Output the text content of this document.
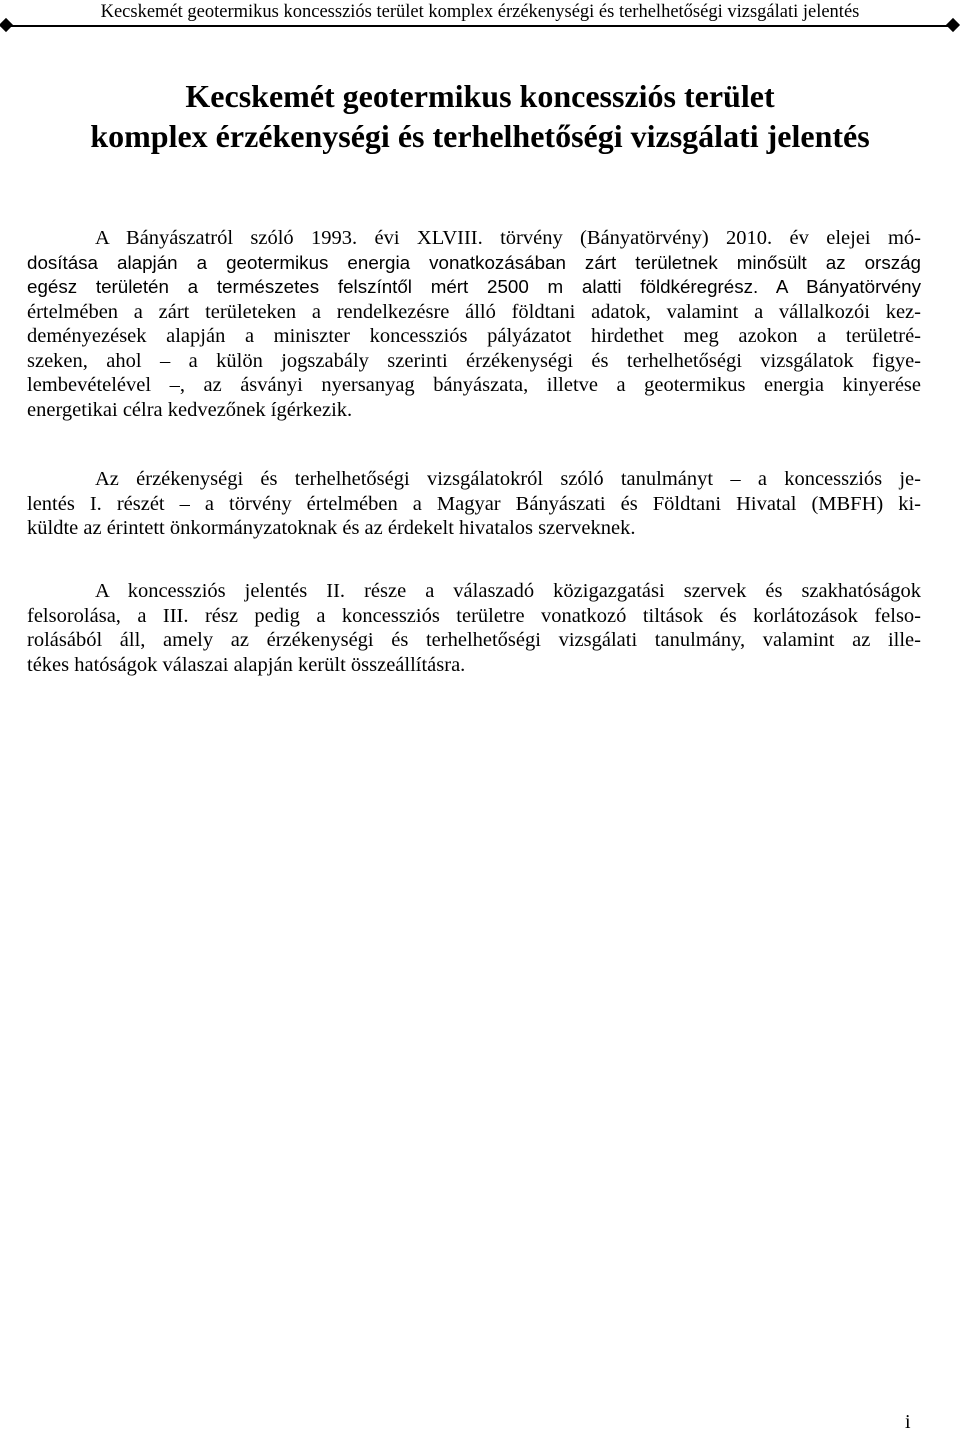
Kecskemét geotermikus koncessziós terület komplex érzékenységi és terhelhetőségi vizsgálati jelentés
Kecskemét geotermikus koncessziós terület
komplex érzékenységi és terhelhetőségi vizsgálati jelentés
A Bányászatról szóló 1993. évi XLVIII. törvény (Bányatörvény) 2010. év elejei mó-
dosítása alapján a geotermikus energia vonatkozásában zárt területnek minősült az ország
egész területén a természetes felszíntől mért 2500 m alatti földkéregrész. A Bányatörvény
értelmében a zárt területeken a rendelkezésre álló földtani adatok, valamint a vállalkozói kez-
deményezések alapján a miniszter koncessziós pályázatot hirdethet meg azokon a területré-
szeken, ahol – a külön jogszabály szerinti érzékenységi és terhelhetőségi vizsgálatok figye-
lembevételével –, az ásványi nyersanyag bányászata, illetve a geotermikus energia kinyerése
energetikai célra kedvezőnek ígérkezik.
Az érzékenységi és terhelhetőségi vizsgálatokról szóló tanulmányt – a koncessziós je-
lentés I. részét – a törvény értelmében a Magyar Bányászati és Földtani Hivatal (MBFH) ki-
küldte az érintett önkormányzatoknak és az érdekelt hivatalos szerveknek.
A koncessziós jelentés II. része a válaszadó közigazgatási szervek és szakhatóságok
felsorolása, a III. rész pedig a koncessziós területre vonatkozó tiltások és korlátozások felso-
rolásából áll, amely az érzékenységi és terhelhetőségi vizsgálati tanulmány, valamint az ille-
tékes hatóságok válaszai alapján került összeállításra.
i
